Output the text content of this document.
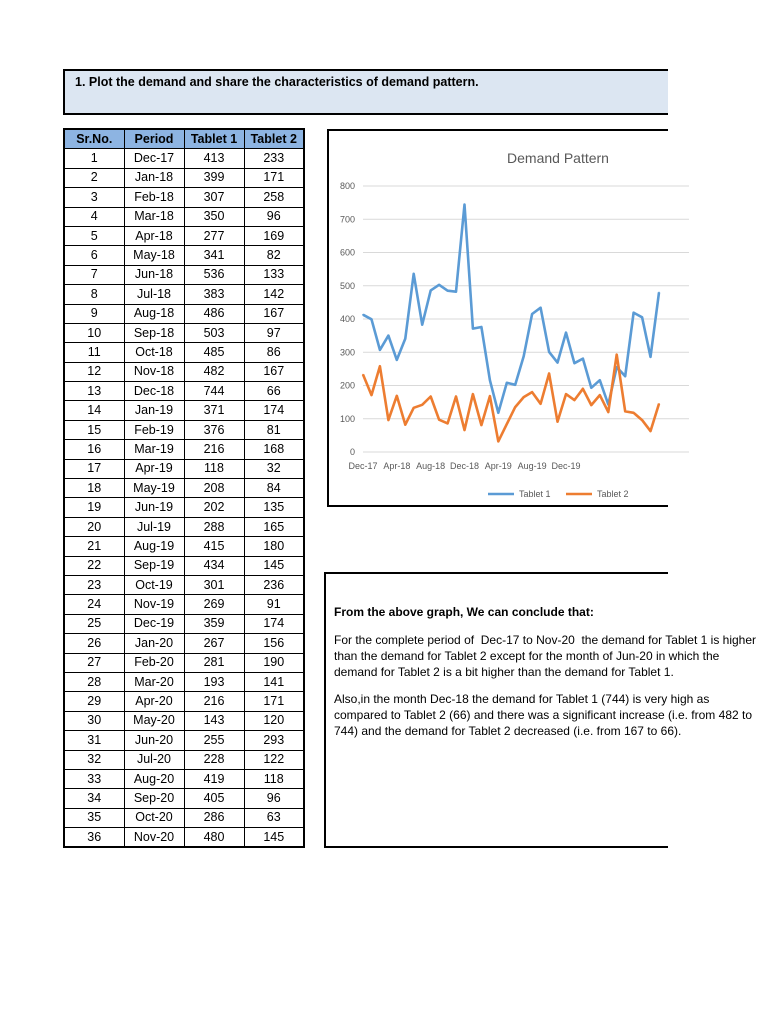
1. Plot the demand and share the characteristics of demand pattern.
Sr.No.	Period	Tablet 1	Tablet 2
1	Dec-17	413	233
2	Jan-18	399	171
3	Feb-18	307	258
4	Mar-18	350	96
5	Apr-18	277	169
6	May-18	341	82
7	Jun-18	536	133
8	Jul-18	383	142
9	Aug-18	486	167
10	Sep-18	503	97
11	Oct-18	485	86
12	Nov-18	482	167
13	Dec-18	744	66
14	Jan-19	371	174
15	Feb-19	376	81
16	Mar-19	216	168
17	Apr-19	118	32
18	May-19	208	84
19	Jun-19	202	135
20	Jul-19	288	165
21	Aug-19	415	180
22	Sep-19	434	145
23	Oct-19	301	236
24	Nov-19	269	91
25	Dec-19	359	174
26	Jan-20	267	156
27	Feb-20	281	190
28	Mar-20	193	141
29	Apr-20	216	171
30	May-20	143	120
31	Jun-20	255	293
32	Jul-20	228	122
33	Aug-20	419	118
34	Sep-20	405	96
35	Oct-20	286	63
36	Nov-20	480	145
Demand Pattern
0
100
200
300
400
500
600
700
800
Dec-17 Apr-18 Aug-18 Dec-18 Apr-19 Aug-19 Dec-19
Tablet 1	Tablet 2

From the above graph, We can conclude that:

For the complete period of  Dec-17 to Nov-20  the demand for Tablet 1 is higher
than the demand for Tablet 2 except for the month of Jun-20 in which the
demand for Tablet 2 is a bit higher than the demand for Tablet 1.

Also,in the month Dec-18 the demand for Tablet 1 (744) is very high as
compared to Tablet 2 (66) and there was a significant increase (i.e. from 482 to
744) and the demand for Tablet 2 decreased (i.e. from 167 to 66).
